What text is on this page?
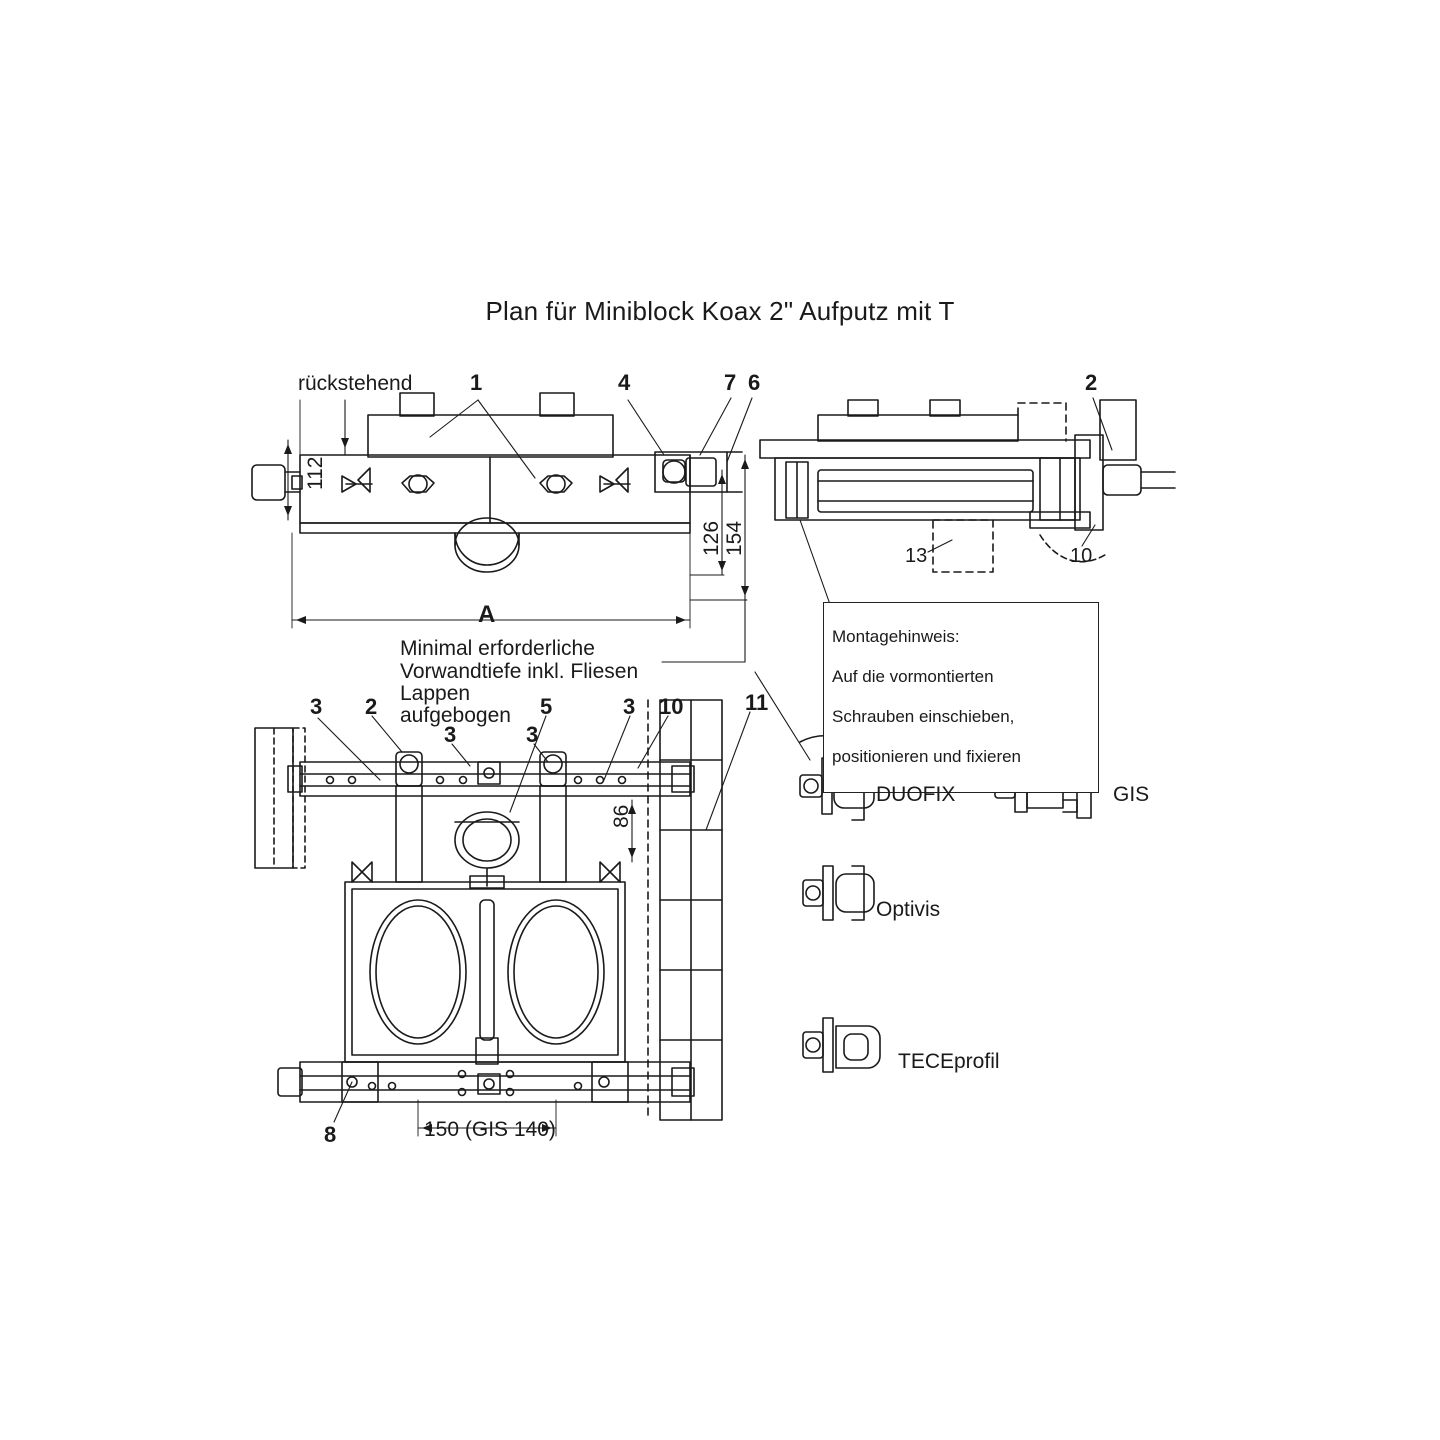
Plan für Miniblock Koax 2" Aufputz mit T
rückstehend	1	4	7 6	2
13	10
112
126 154
A
Minimal erforderliche
Vorwandtiefe inkl. Fliesen
Lappen
aufgebogen
3 2
3	3
5	3 10	11
8
86
150 (GIS 140)

Montagehinweis:

Auf die vormontierten

Schrauben einschieben,

positionieren und fixieren

DUOFIX	GIS
Optivis
TECEprofil
